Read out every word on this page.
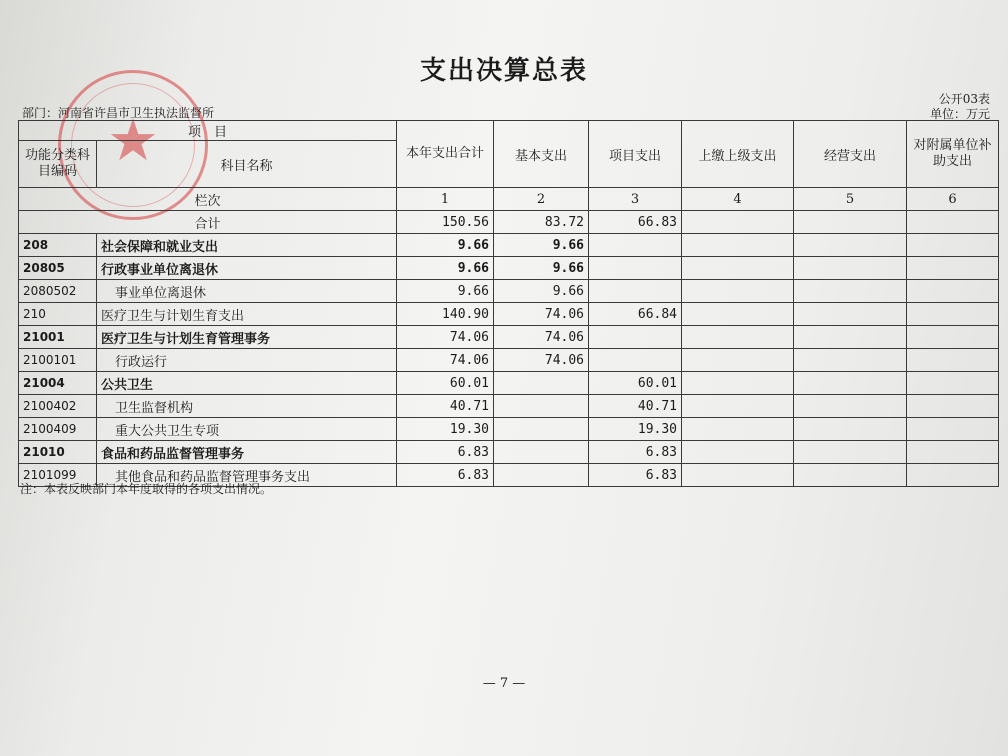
★
支出决算总表
部门：河南省许昌市卫生执法监督所
公开03表
单位：万元
项　目		本年支出合计	基本支出	项目支出	上缴上级支出	经营支出	对附属单位补助支出
功能分类科目编码	科目名称						
栏次		1	2	3	4	5	6
合计		150.56	83.72	66.83			
208	社会保障和就业支出	9.66	9.66				
20805	行政事业单位离退休	9.66	9.66				
2080502	事业单位离退休	9.66	9.66				
210	医疗卫生与计划生育支出	140.90	74.06	66.84			
21001	医疗卫生与计划生育管理事务	74.06	74.06				
2100101	行政运行	74.06	74.06				
21004	公共卫生	60.01		60.01			
2100402	卫生监督机构	40.71		40.71			
2100409	重大公共卫生专项	19.30		19.30			
21010	食品和药品监督管理事务	6.83		6.83			
2101099	其他食品和药品监督管理事务支出	6.83		6.83			
注：本表反映部门本年度取得的各项支出情况。
— 7 —
